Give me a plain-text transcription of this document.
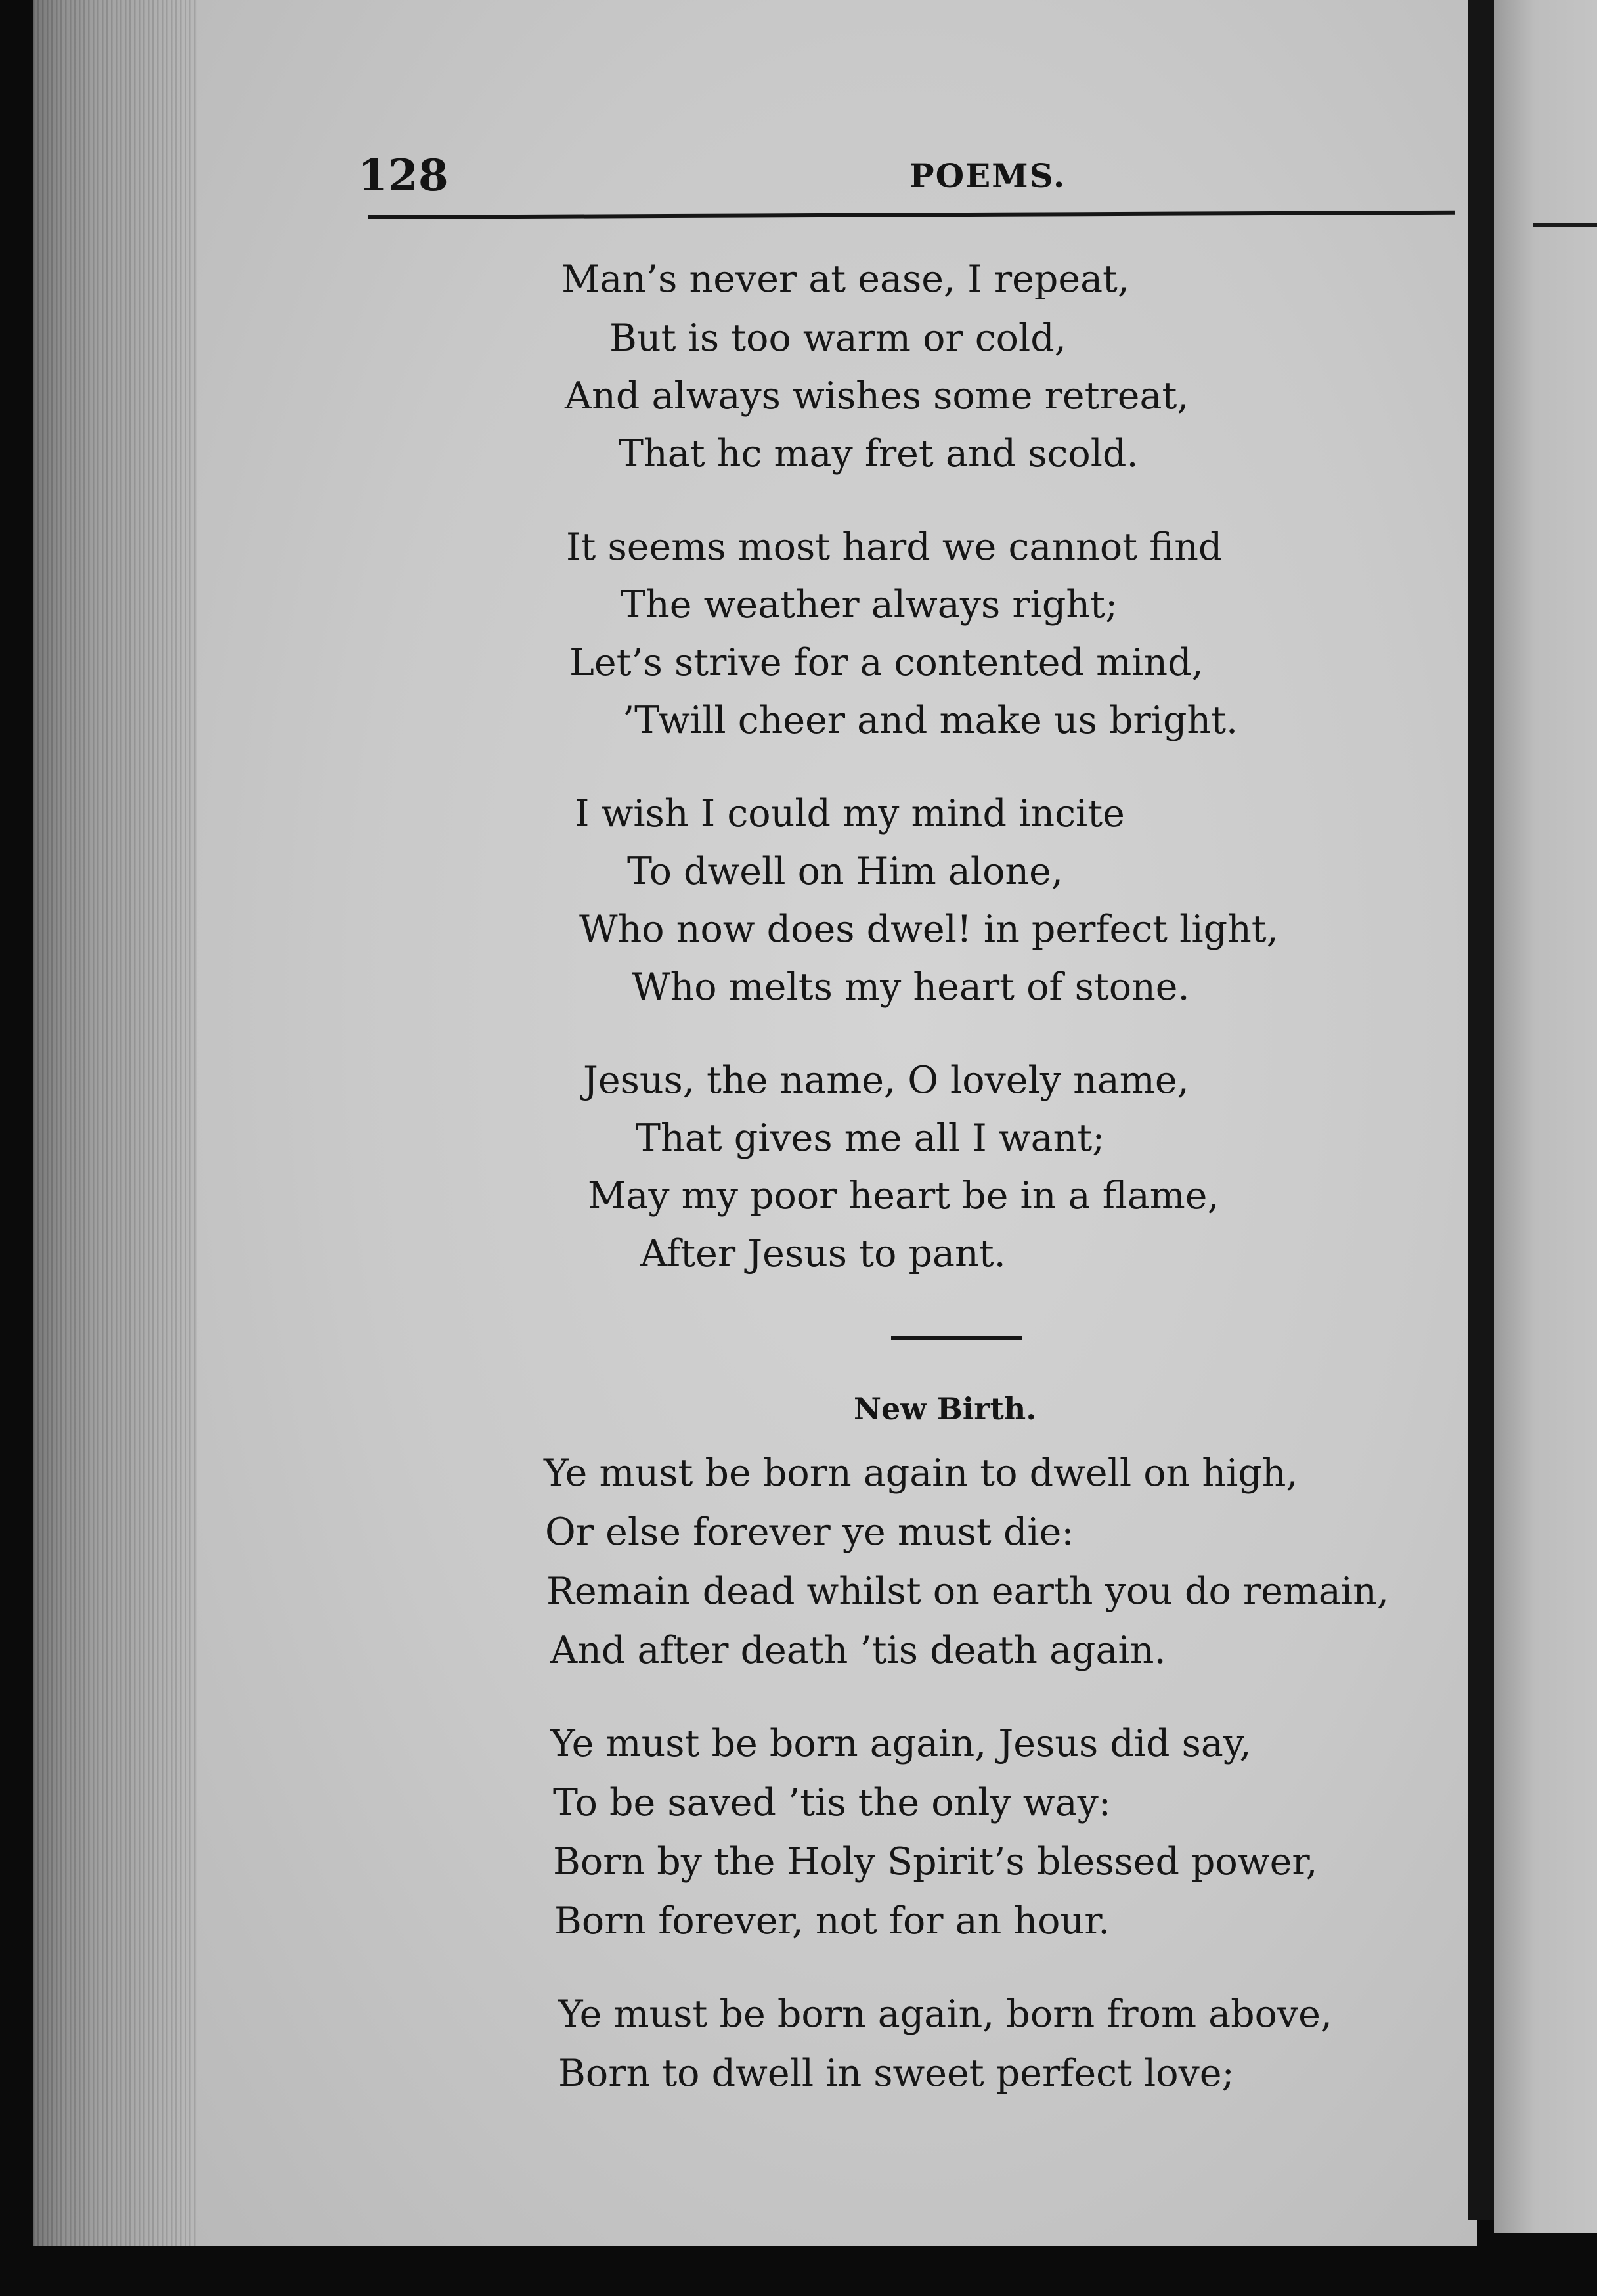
128	POEMS.
Man’s never at ease, I repeat,
But is too warm or cold,
And always wishes some retreat,
That hc may fret and scold.
It seems most hard we cannot find
The weather always right;
Let’s strive for a contented mind,
’Twill cheer and make us bright.
I wish I could my mind incite
To dwell on Him alone,
Who now does dwel! in perfect light,
Who melts my heart of stone.
Jesus, the name, O lovely name,
That gives me all I want;
May my poor heart be in a flame,
After Jesus to pant.
New Birth.
Ye must be born again to dwell on high,
Or else forever ye must die:
Remain dead whilst on earth you do remain,
And after death ’tis death again.
Ye must be born again, Jesus did say,
To be saved ’tis the only way:
Born by the Holy Spirit’s blessed power,
Born forever, not for an hour.
Ye must be born again, born from above,
Born to dwell in sweet perfect love;
